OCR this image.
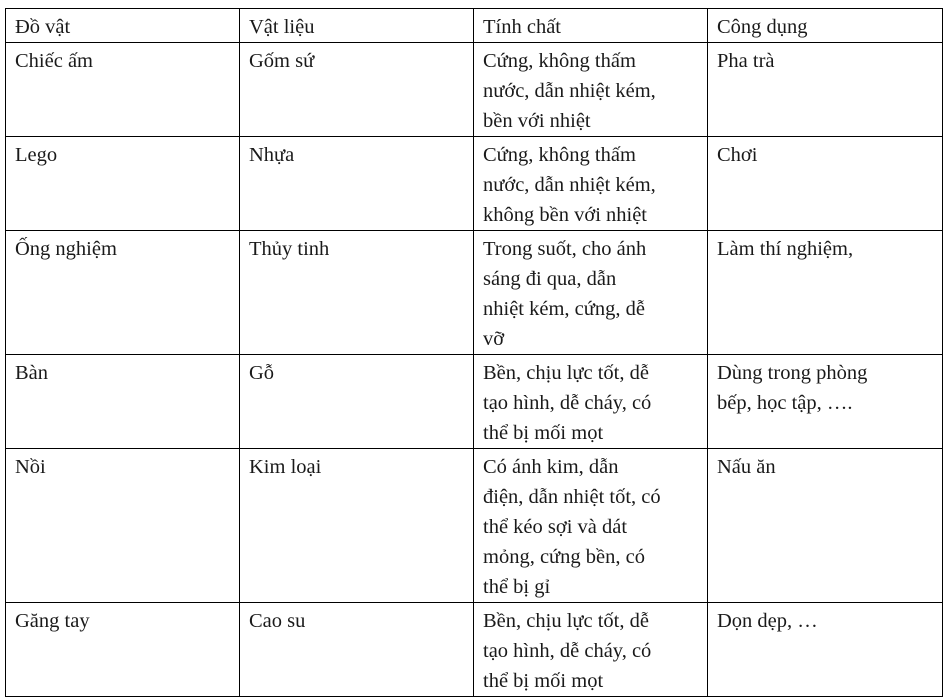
Đồ vật	Vật liệu	Tính chất	Công dụng

Chiếc ấm	Gốm sứ	Cứng, không thấm
nước, dẫn nhiệt kém,
bền với nhiệt	Pha trà

Lego	Nhựa	Cứng, không thấm
nước, dẫn nhiệt kém,
không bền với nhiệt	Chơi

Ống nghiệm	Thủy tinh	Trong suốt, cho ánh
sáng đi qua, dẫn
nhiệt kém, cứng, dễ
vỡ	Làm thí nghiệm,

Bàn	Gỗ	Bền, chịu lực tốt, dễ
tạo hình, dễ cháy, có
thể bị mối mọt	Dùng trong phòng
bếp, học tập, ….

Nồi	Kim loại	Có ánh kim, dẫn
điện, dẫn nhiệt tốt, có
thể kéo sợi và dát
mỏng, cứng bền, có
thể bị gỉ	Nấu ăn

Găng tay	Cao su	Bền, chịu lực tốt, dễ
tạo hình, dễ cháy, có
thể bị mối mọt	Dọn dẹp, …
